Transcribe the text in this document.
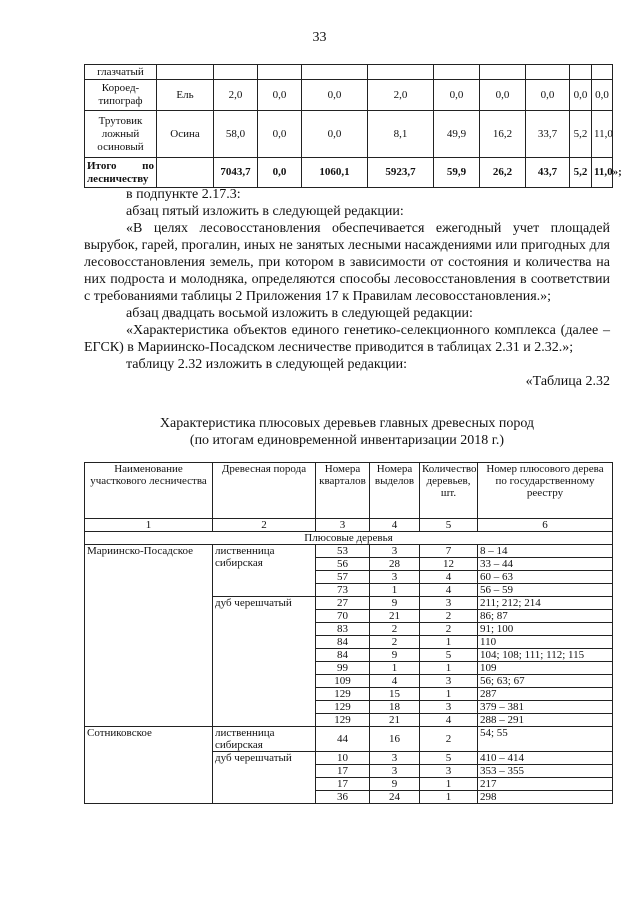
33
глазчатый										
Короед-типограф	Ель	2,0	0,0	0,0	2,0	0,0	0,0	0,0	0,0	0,0
Трутовик ложный осиновый	Осина	58,0	0,0	0,0	8,1	49,9	16,2	33,7	5,2	11,0
Итого по лесничеству		7043,7	0,0	1060,1	5923,7	59,9	26,2	43,7	5,2	11,0»;
в подпункте 2.17.3:
абзац пятый изложить в следующей редакции:
«В целях лесовосстановления обеспечивается ежегодный учет площадей вырубок, гарей, прогалин, иных не занятых лесными насаждениями или пригодных для лесовосстановления земель, при котором в зависимости от состояния и количества на них подроста и молодняка, определяются способы лесовосстановления в соответствии с требованиями таблицы 2 Приложения 17 к Правилам лесовосстановления.»;
абзац двадцать восьмой изложить в следующей редакции:
«Характеристика объектов единого генетико-селекционного комплекса (далее – ЕГСК) в Мариинско-Посадском лесничестве приводится в таблицах 2.31 и 2.32.»;
таблицу 2.32 изложить в следующей редакции:
«Таблица 2.32
Характеристика плюсовых деревьев главных древесных пород
(по итогам единовременной инвентаризации 2018 г.)
Наименование участкового лесничества	Древесная порода	Номера кварталов	Номера выделов	Количество деревьев, шт.	Номер плюсового дерева по государственному реестру
1	2	3	4	5	6
Плюсовые деревья					
Мариинско-Посадское	лиственница сибирская	53	3	7	8 – 14
		56	28	12	33 – 44
		57	3	4	60 – 63
		73	1	4	56 – 59
	дуб черешчатый	27	9	3	211; 212; 214
		70	21	2	86; 87
		83	2	2	91; 100
		84	2	1	110
		84	9	5	104; 108; 111; 112; 115
		99	1	1	109
		109	4	3	56; 63; 67
		129	15	1	287
		129	18	3	379 – 381
		129	21	4	288 – 291
Сотниковское	лиственница сибирская	44	16	2	54; 55
	дуб черешчатый	10	3	5	410 – 414
		17	3	3	353 – 355
		17	9	1	217
		36	24	1	298
